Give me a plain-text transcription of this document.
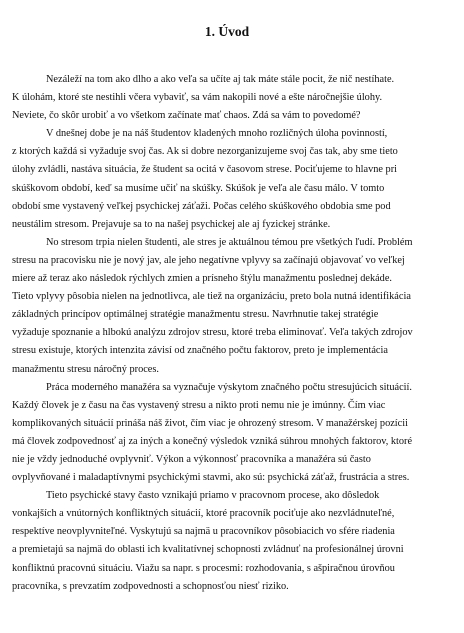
1. Úvod

Nezáleží na tom ako dlho a ako veľa sa učíte aj tak máte stále pocit, že nič nestíhate.
K úlohám, ktoré ste nestihli včera vybaviť, sa vám nakopili nové a ešte náročnejšie úlohy.
Neviete, čo skôr urobiť a vo všetkom začínate mať chaos. Zdá sa vám to povedomé?

V dnešnej dobe je na náš študentov kladených mnoho rozličných úloha povinností,
z ktorých každá si vyžaduje svoj čas. Ak si dobre nezorganizujeme svoj čas tak, aby sme tieto
úlohy zvládli, nastáva situácia, že študent sa ocitá v časovom strese. Pociťujeme to hlavne pri
skúškovom období, keď sa musíme učiť na skúšky. Skúšok je veľa ale času málo. V tomto
období sme vystavený veľkej psychickej záťaži. Počas celého skúškového obdobia sme pod
neustálim stresom. Prejavuje sa to na našej psychickej ale aj fyzickej stránke.

No stresom trpia nielen študenti, ale stres je aktuálnou témou pre všetkých ľudí. Problém
stresu na pracovisku nie je nový jav, ale jeho negatívne vplyvy sa začínajú objavovať vo veľkej
miere až teraz ako následok rýchlych zmien a prísneho štýlu manažmentu poslednej dekáde.
Tieto vplyvy pôsobia nielen na jednotlivca, ale tiež na organizáciu, preto bola nutná identifikácia
základných princípov optimálnej stratégie manažmentu stresu. Navrhnutie takej stratégie
vyžaduje spoznanie a hlbokú analýzu zdrojov stresu, ktoré treba eliminovať. Veľa takých zdrojov
stresu existuje, ktorých intenzita závisí od značného počtu faktorov, preto je implementácia
manažmentu stresu náročný proces.

Práca moderného manažéra sa vyznačuje výskytom značného počtu stresujúcich situácií.
Každý človek je z času na čas vystavený stresu a nikto proti nemu nie je imúnny. Čím viac
komplikovaných situácií prináša náš život, čím viac je ohrozený stresom. V manažérskej pozícii
má človek zodpovednosť aj za iných a konečný výsledok vzniká súhrou mnohých faktorov, ktoré
nie je vždy jednoduché ovplyvniť. Výkon a výkonnosť pracovníka a manažéra sú často
ovplyvňované i maladaptívnymi psychickými stavmi, ako sú: psychická záťaž, frustrácia a stres.

Tieto psychické stavy často vznikajú priamo v pracovnom procese, ako dôsledok
vonkajších a vnútorných konfliktných situácií, ktoré pracovník pociťuje ako nezvládnuteľné,
respektíve neovplyvniteľné. Vyskytujú sa najmä u pracovníkov pôsobiacich vo sfére riadenia
a premietajú sa najmä do oblasti ich kvalitatívnej schopnosti zvládnuť na profesionálnej úrovni
konfliktnú pracovnú situáciu. Viažu sa napr. s procesmi: rozhodovania, s ašpiračnou úrovňou
pracovníka, s prevzatím zodpovednosti a schopnosťou niesť riziko.
